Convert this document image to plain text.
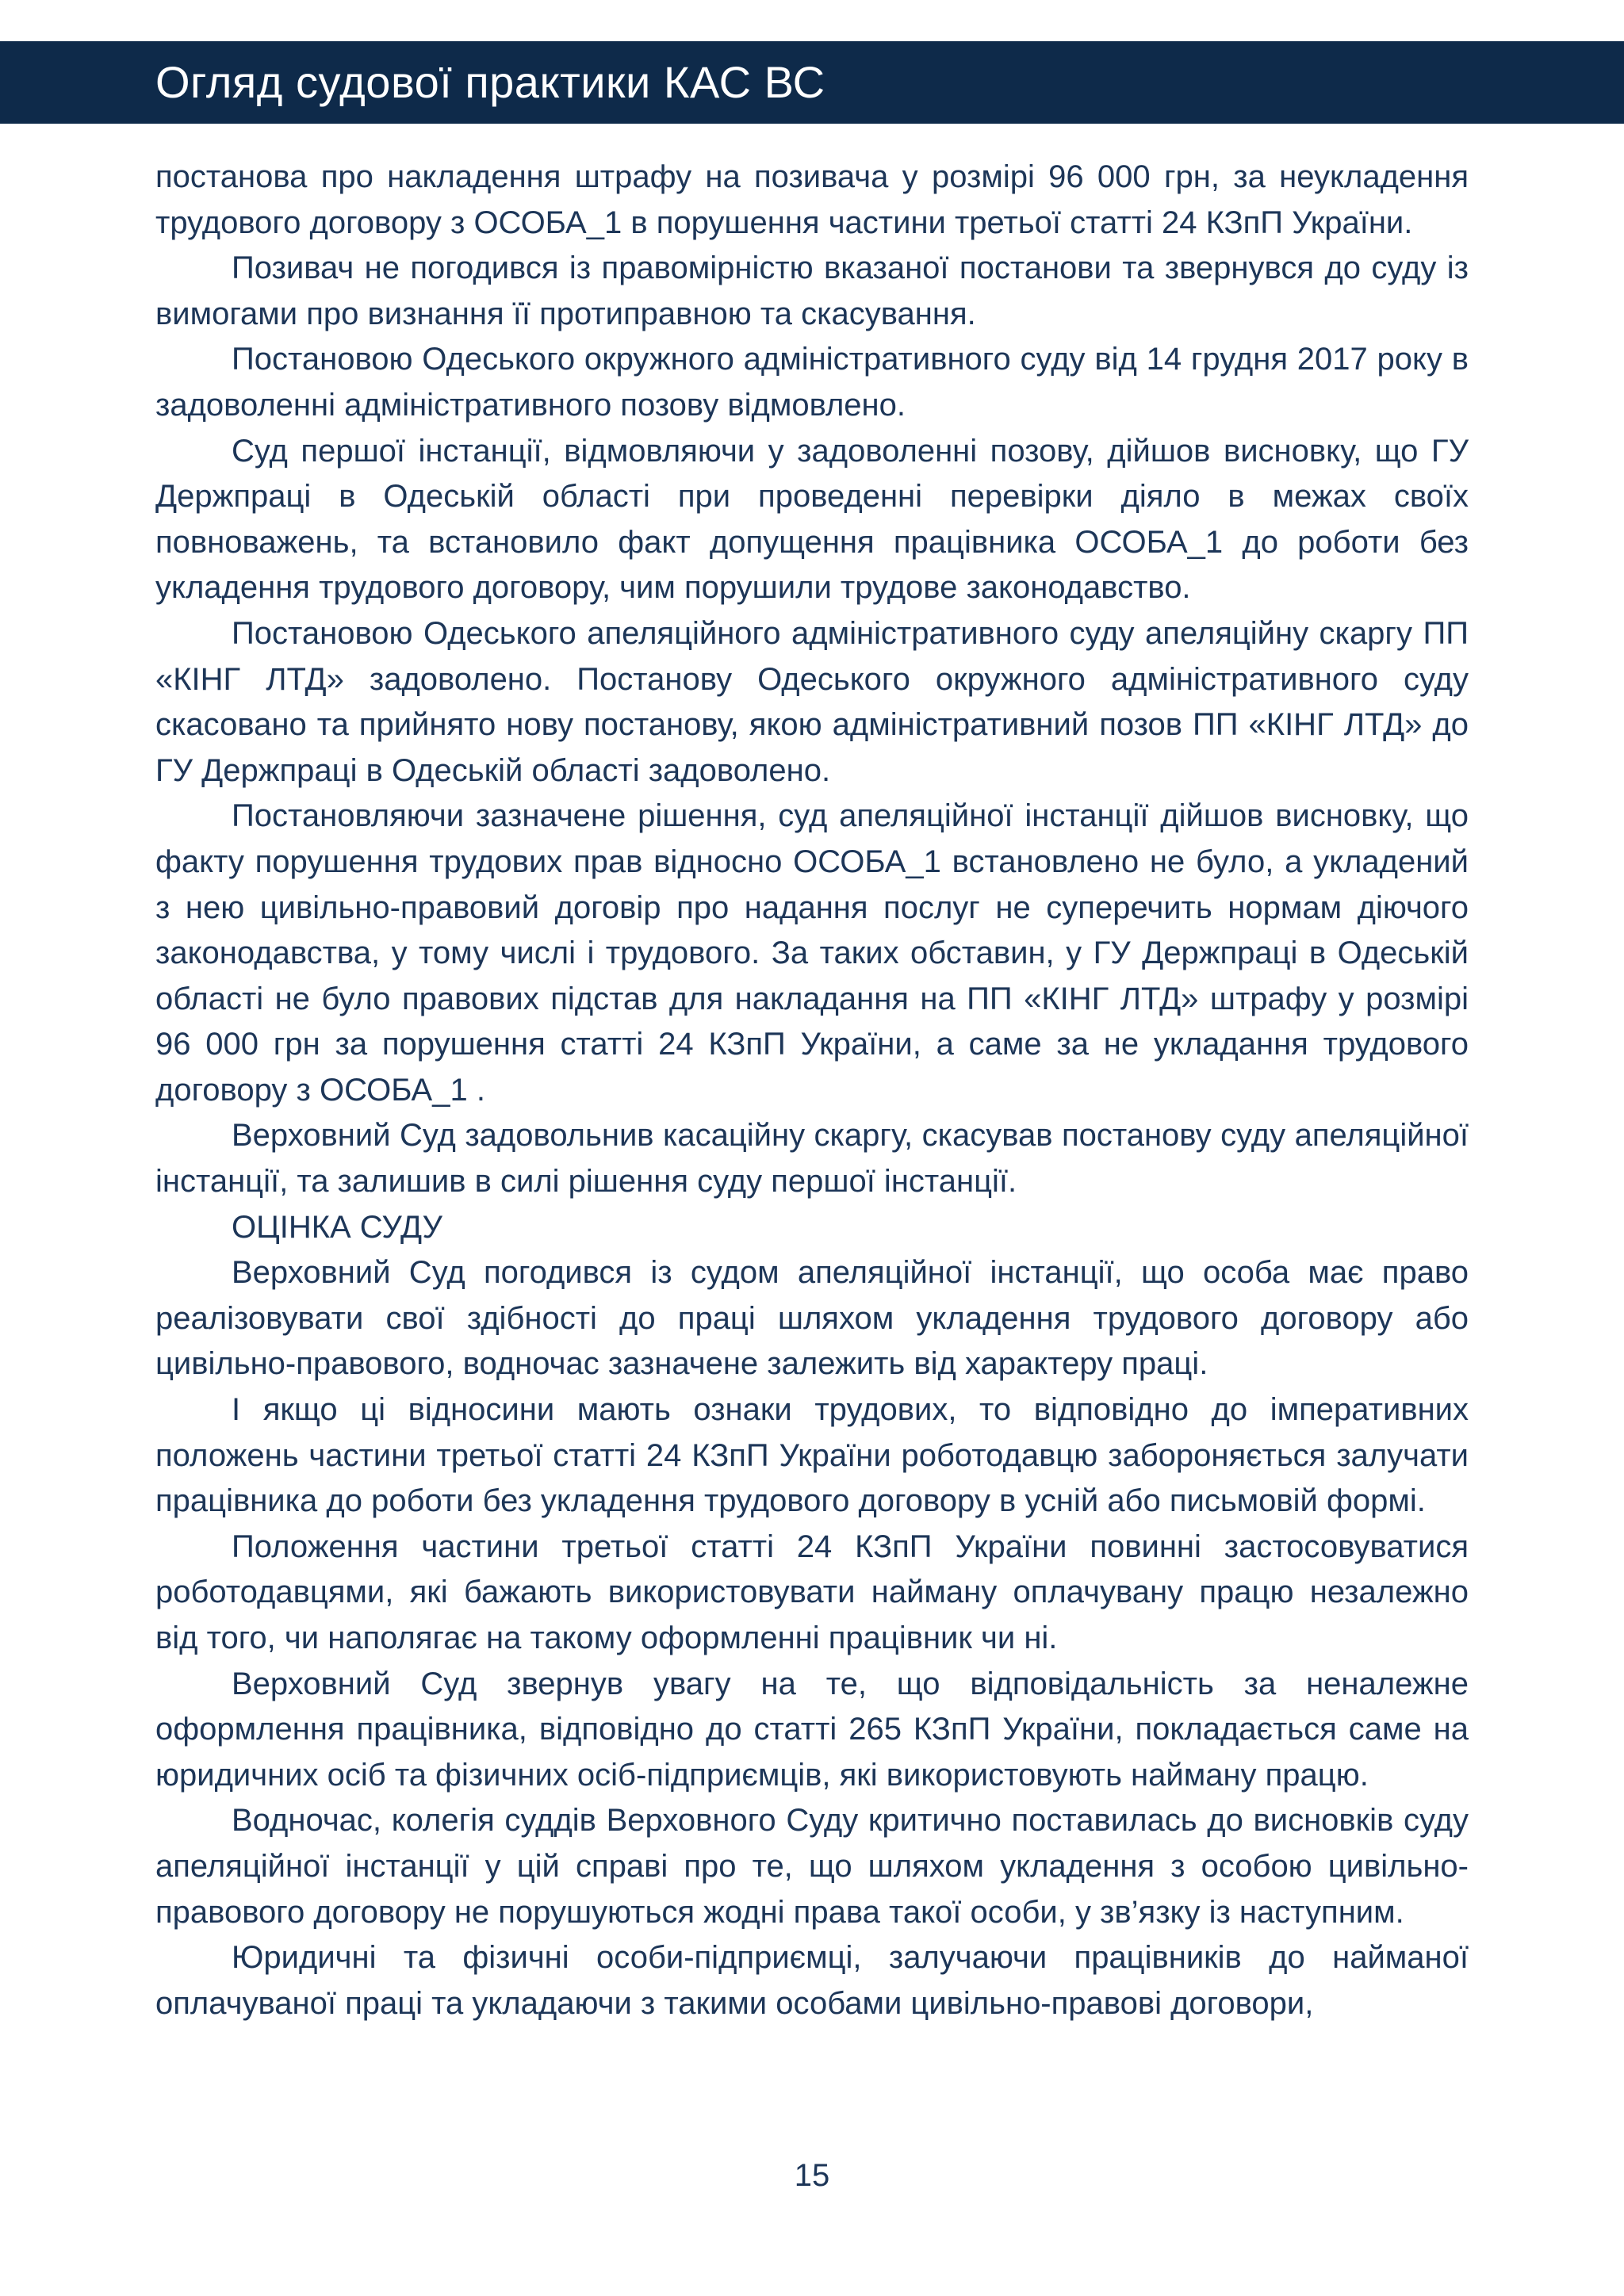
Огляд судової практики КАС ВС

постанова про накладення штрафу на позивача у розмірі 96 000 грн, за неукладення трудового договору з ОСОБА_1 в порушення частини третьої статті 24 КЗпП України.

Позивач не погодився із правомірністю вказаної постанови та звернувся до суду із вимогами про визнання її протиправною та скасування.

Постановою Одеського окружного адміністративного суду від 14 грудня 2017 року в задоволенні адміністративного позову відмовлено.

Суд першої інстанції, відмовляючи у задоволенні позову, дійшов висновку, що ГУ Держпраці в Одеській області при проведенні перевірки діяло в межах своїх повноважень, та встановило факт допущення працівника ОСОБА_1 до роботи без укладення трудового договору, чим порушили трудове законодавство.

Постановою Одеського апеляційного адміністративного суду апеляційну скаргу ПП «КІНГ ЛТД» задоволено. Постанову Одеського окружного адміністративного суду скасовано та прийнято нову постанову, якою адміністративний позов ПП «КІНГ ЛТД» до ГУ Держпраці в Одеській області задоволено.

Постановляючи зазначене рішення, суд апеляційної інстанції дійшов висновку, що факту порушення трудових прав відносно ОСОБА_1 встановлено не було, а укладений з нею цивільно-правовий договір про надання послуг не суперечить нормам діючого законодавства, у тому числі і трудового. За таких обставин, у ГУ Держпраці в Одеській області не було правових підстав для накладання на ПП «КІНГ ЛТД» штрафу у розмірі 96 000 грн за порушення статті 24 КЗпП України, а саме за не укладання трудового договору з ОСОБА_1 .

Верховний Суд задовольнив касаційну скаргу, скасував постанову суду апеляційної інстанції, та залишив в силі рішення суду першої інстанції.

ОЦІНКА СУДУ

Верховний Суд погодився із судом апеляційної інстанції, що особа має право реалізовувати свої здібності до праці шляхом укладення трудового договору або цивільно-правового, водночас зазначене залежить від характеру праці.

І якщо ці відносини мають ознаки трудових, то відповідно до імперативних положень частини третьої статті 24 КЗпП України роботодавцю забороняється залучати працівника до роботи без укладення трудового договору в усній або письмовій формі.

Положення частини третьої статті 24 КЗпП України повинні застосовуватися роботодавцями, які бажають використовувати найману оплачувану працю незалежно від того, чи наполягає на такому оформленні працівник чи ні.

Верховний Суд звернув увагу на те, що відповідальність за неналежне оформлення працівника, відповідно до статті 265 КЗпП України, покладається саме на юридичних осіб та фізичних осіб-підприємців, які використовують найману працю.

Водночас, колегія суддів Верховного Суду критично поставилась до висновків суду апеляційної інстанції у цій справі про те, що шляхом укладення з особою цивільно-правового договору не порушуються жодні права такої особи, у зв’язку із наступним.

Юридичні та фізичні особи-підприємці, залучаючи працівників до найманої оплачуваної праці та укладаючи з такими особами цивільно-правові договори,

15
